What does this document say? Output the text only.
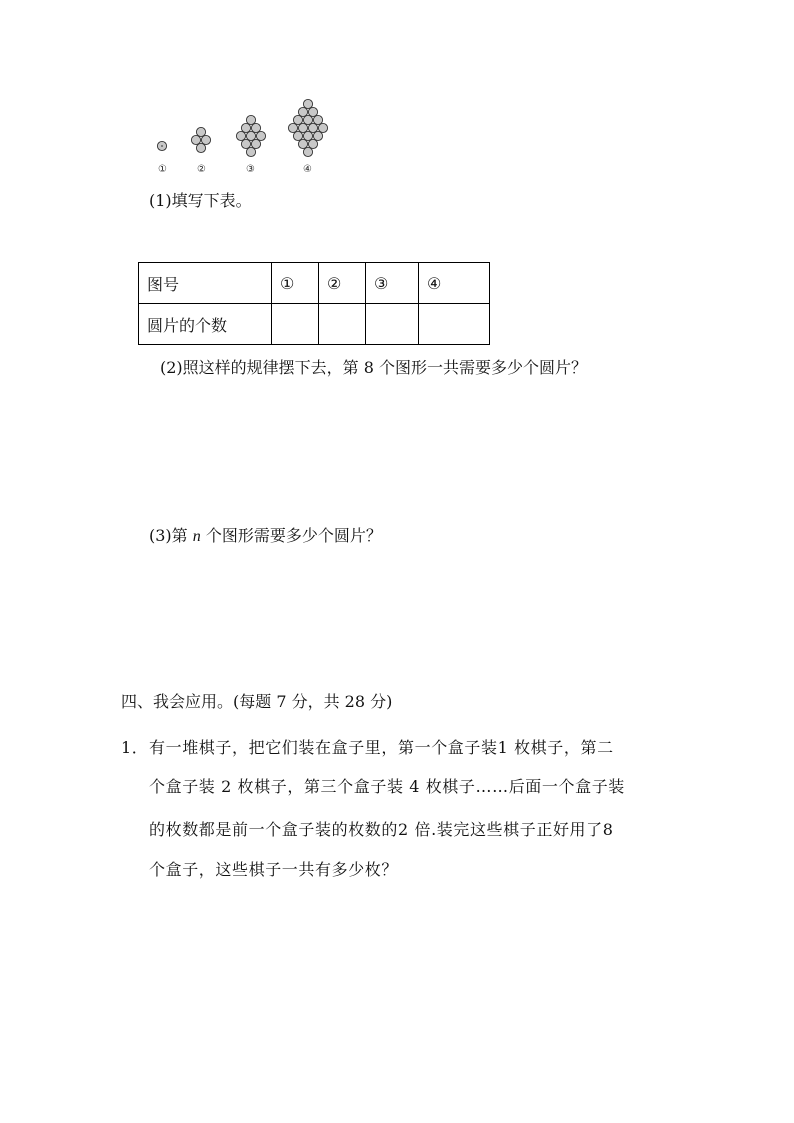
①	②	③	④
(1)填写下表。
图号	①	②	③	④
圆片的个数				
(2)照这样的规律摆下去，第 8 个图形一共需要多少个圆片？
(3)第 n 个图形需要多少个圆片？
四、我会应用。(每题 7 分，共 28 分)
1． 有一堆棋子，把它们装在盒子里，第一个盒子装1 枚棋子，第二
个盒子装 2 枚棋子，第三个盒子装 4 枚棋子……后面一个盒子装
的枚数都是前一个盒子装的枚数的2 倍.装完这些棋子正好用了8
个盒子，这些棋子一共有多少枚？
